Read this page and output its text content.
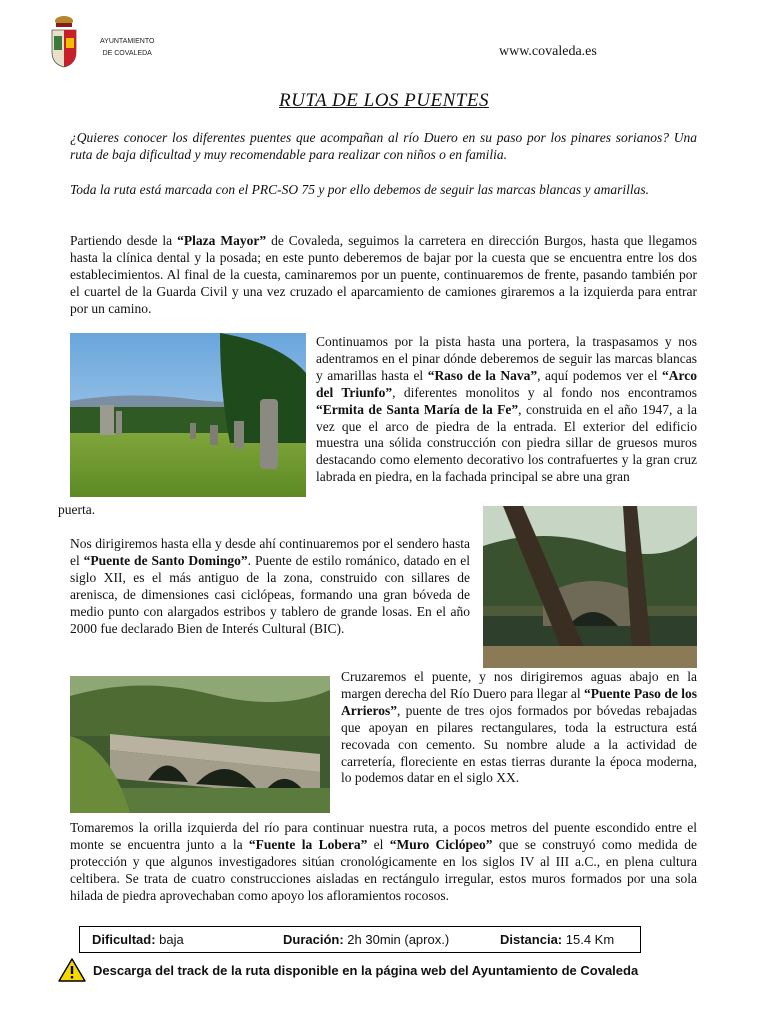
AYUNTAMIENTO
DE COVALEDA	www.covaleda.es
RUTA DE LOS PUENTES

¿Quieres conocer los diferentes puentes que acompañan al río Duero en su paso por los pinares sorianos? Una ruta de baja dificultad y muy recomendable para realizar con niños o en familia.

Toda la ruta está marcada con el PRC-SO 75 y por ello debemos de seguir las marcas blancas y amarillas.

Partiendo desde la “Plaza Mayor” de Covaleda, seguimos la carretera en dirección Burgos, hasta que llegamos hasta la clínica dental y la posada; en este punto deberemos de bajar por la cuesta que se encuentra entre los dos establecimientos. Al final de la cuesta, caminaremos por un puente, continuaremos de frente, pasando también por el cuartel de la Guarda Civil y una vez cruzado el aparcamiento de camiones giraremos a la izquierda para entrar por un camino.

Continuamos por la pista hasta una portera, la traspasamos y nos adentramos en el pinar dónde deberemos de seguir las marcas blancas y amarillas hasta el “Raso de la Nava”, aquí podemos ver el “Arco del Triunfo”, diferentes monolitos y al fondo nos encontramos “Ermita de Santa María de la Fe”, construida en el año 1947, a la vez que el arco de piedra de la entrada. El exterior del edificio muestra una sólida construcción con piedra sillar de gruesos muros destacando como elemento decorativo los contrafuertes y la gran cruz labrada en piedra, en la fachada principal se abre una gran

puerta.

Nos dirigiremos hasta ella y desde ahí continuaremos por el sendero hasta el “Puente de Santo Domingo”. Puente de estilo románico, datado en el siglo XII, es el más antiguo de la zona, construido con sillares de arenisca, de dimensiones casi ciclópeas, formando una gran bóveda de medio punto con alargados estribos y tablero de grande losas. En el año 2000 fue declarado Bien de Interés Cultural (BIC).

Cruzaremos el puente, y nos dirigiremos aguas abajo en la margen derecha del Río Duero para llegar al “Puente Paso de los Arrieros”, puente de tres ojos formados por bóvedas rebajadas que apoyan en pilares rectangulares, toda la estructura está recovada con cemento. Su nombre alude a la actividad de carretería, floreciente en estas tierras durante la época moderna, lo podemos datar en el siglo XX.

Tomaremos la orilla izquierda del río para continuar nuestra ruta, a pocos metros del puente escondido entre el monte se encuentra junto a la “Fuente la Lobera” el “Muro Ciclópeo” que se construyó como medida de protección y que algunos investigadores sitúan cronológicamente en los siglos IV al III a.C., en plena cultura celtibera. Se trata de cuatro construcciones aisladas en rectángulo irregular, estos muros formados por una sola hilada de piedra aprovechaban como apoyo los afloramientos rocosos.

Dificultad: baja	Duración: 2h 30min (aprox.)	Distancia: 15.4 Km
Descarga del track de la ruta disponible en la página web del Ayuntamiento de Covaleda
